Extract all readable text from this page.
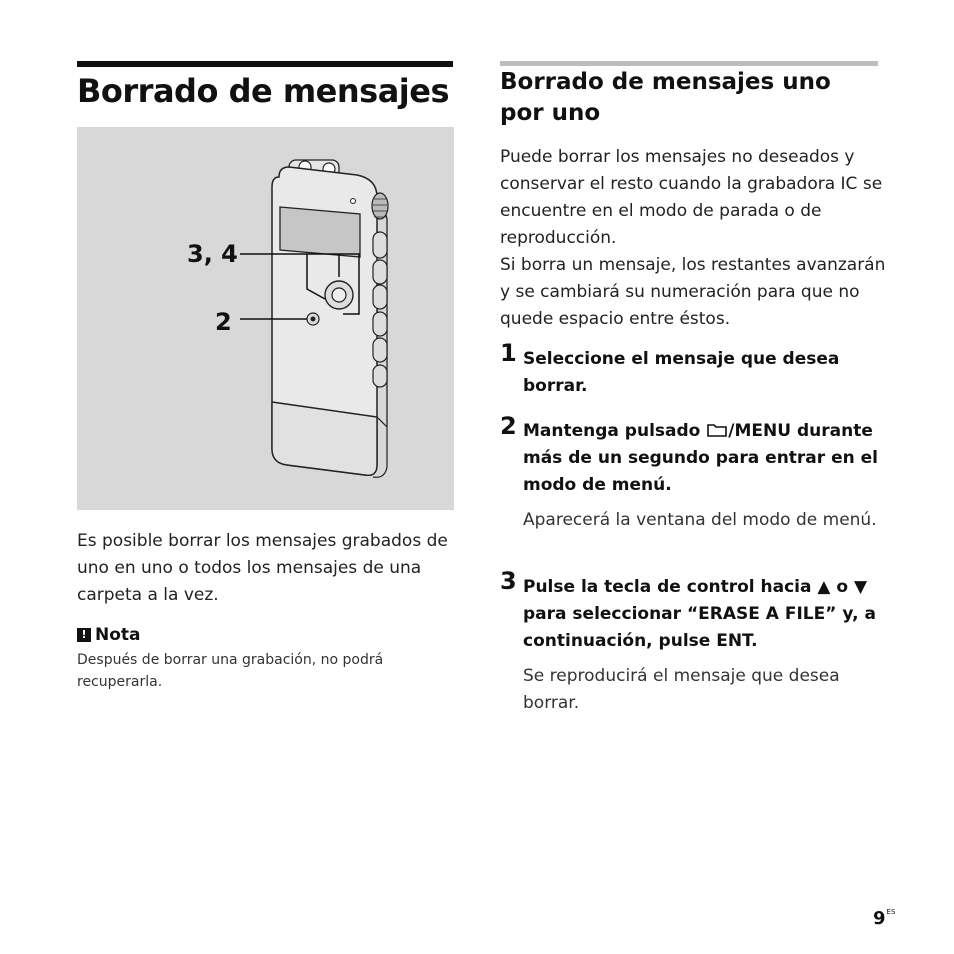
Borrado de mensajes
3, 4
2

Es posible borrar los mensajes grabados de uno en uno o todos los mensajes de una carpeta a la vez.

! Nota

Después de borrar una grabación, no podrá recuperarla.

Borrado de mensajes uno por uno

Puede borrar los mensajes no deseados y conservar el resto cuando la grabadora IC se encuentre en el modo de parada o de reproducción.

Si borra un mensaje, los restantes avanzarán y se cambiará su numeración para que no quede espacio entre éstos.

1 Seleccione el mensaje que desea borrar.

2 Mantenga pulsado /MENU durante más de un segundo para entrar en el modo de menú.

Aparecerá la ventana del modo de menú.

3 Pulse la tecla de control hacia ▲ o ▼ para seleccionar “ERASE A FILE” y, a continuación, pulse ENT.

Se reproducirá el mensaje que desea borrar.

$9^{ES}$
